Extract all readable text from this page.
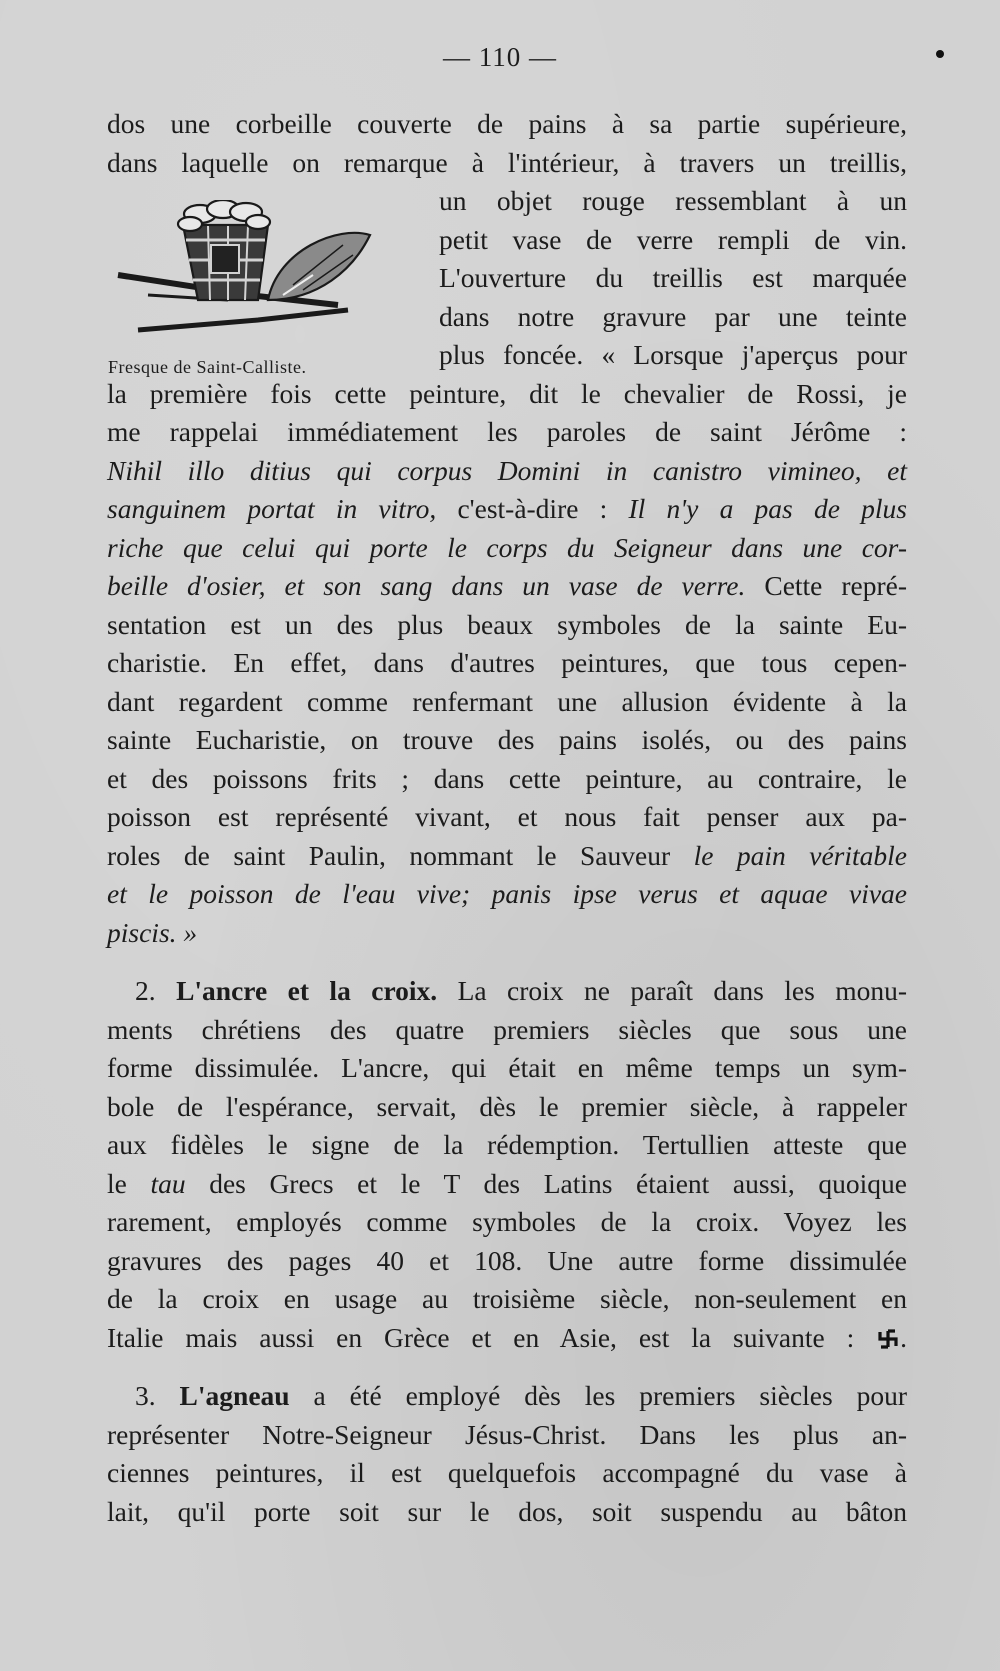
— 110 —
Fresque de Saint-Calliste.
dos une corbeille couverte de pains à sa partie supérieure,
dans laquelle on remarque à l'intérieur, à travers un treillis,
un objet rouge ressemblant à un
petit vase de verre rempli de vin.
L'ouverture du treillis est marquée
dans notre gravure par une teinte
plus foncée. « Lorsque j'aperçus pour
la première fois cette peinture, dit le chevalier de Rossi, je
me rappelai immédiatement les paroles de saint Jérôme :
Nihil illo ditius qui corpus Domini in canistro vimineo, et
sanguinem portat in vitro, c'est-à-dire : Il n'y a pas de plus
riche que celui qui porte le corps du Seigneur dans une cor-
beille d'osier, et son sang dans un vase de verre. Cette repré-
sentation est un des plus beaux symboles de la sainte Eu-
charistie. En effet, dans d'autres peintures, que tous cepen-
dant regardent comme renfermant une allusion évidente à la
sainte Eucharistie, on trouve des pains isolés, ou des pains
et des poissons frits ; dans cette peinture, au contraire, le
poisson est représenté vivant, et nous fait penser aux pa-
roles de saint Paulin, nommant le Sauveur le pain véritable
et le poisson de l'eau vive; panis ipse verus et aquae vivae
piscis. »
2. L'ancre et la croix. La croix ne paraît dans les monu-
ments chrétiens des quatre premiers siècles que sous une
forme dissimulée. L'ancre, qui était en même temps un sym-
bole de l'espérance, servait, dès le premier siècle, à rappeler
aux fidèles le signe de la rédemption. Tertullien atteste que
le tau des Grecs et le T des Latins étaient aussi, quoique
rarement, employés comme symboles de la croix. Voyez les
gravures des pages 40 et 108. Une autre forme dissimulée
de la croix en usage au troisième siècle, non-seulement en
Italie mais aussi en Grèce et en Asie, est la suivante : .
3. L'agneau a été employé dès les premiers siècles pour
représenter Notre-Seigneur Jésus-Christ. Dans les plus an-
ciennes peintures, il est quelquefois accompagné du vase à
lait, qu'il porte soit sur le dos, soit suspendu au bâton
